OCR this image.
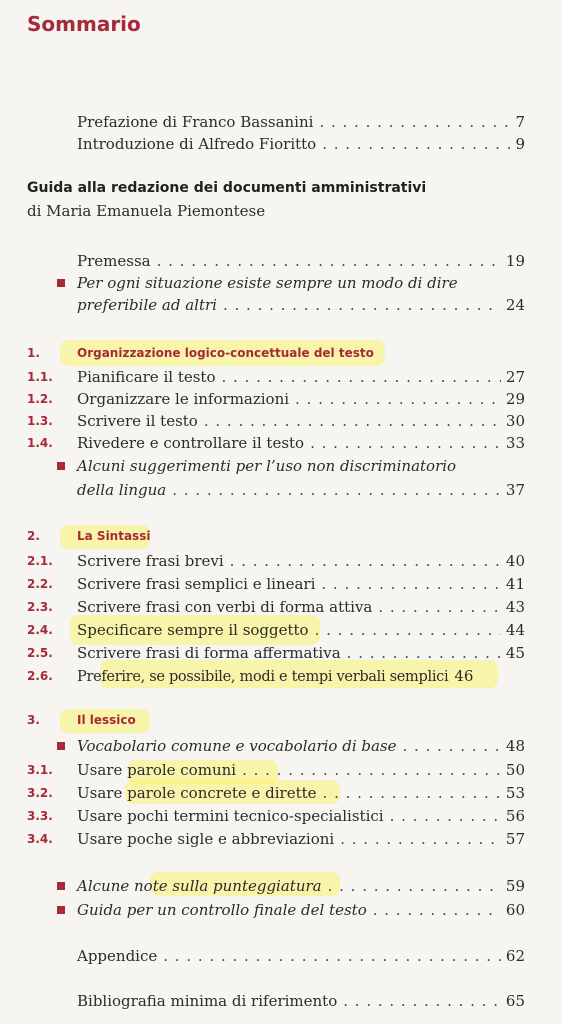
Sommario
Prefazione di Franco Bassanini . . .	7
Introduzione di Alfredo Fioritto . . .	9
Guida alla redazione dei documenti amministrativi
di Maria Emanuela Piemontese
Premessa . . .	19
Per ogni situazione esiste sempre un modo di dire
preferibile ad altri . . .	24
1.	Organizzazione logico-concettuale del testo
1.1. Pianificare il testo . . .	27
1.2. Organizzare le informazioni . . .	29
1.3. Scrivere il testo . . .	30
1.4. Rivedere e controllare il testo . . .	33
Alcuni suggerimenti per l’uso non discriminatorio
della lingua . . .	37
2.	La Sintassi
2.1. Scrivere frasi brevi . . .	40
2.2. Scrivere frasi semplici e lineari . . .	41
2.3. Scrivere frasi con verbi di forma attiva . . .	43
2.4. Specificare sempre il soggetto . . .	44
2.5. Scrivere frasi di forma affermativa . . .	45
2.6. Preferire, se possibile, modi e tempi verbali semplici 46
3.	Il lessico
Vocabolario comune e vocabolario di base . . .	48
3.1. Usare parole comuni . . .	50
3.2. Usare parole concrete e dirette . . .	53
3.3. Usare pochi termini tecnico-specialistici . . .	56
3.4. Usare poche sigle e abbreviazioni . . .	57
Alcune note sulla punteggiatura . . .	59
Guida per un controllo finale del testo . . .	60
Appendice . . .	62
Bibliografia minima di riferimento . . .	65
